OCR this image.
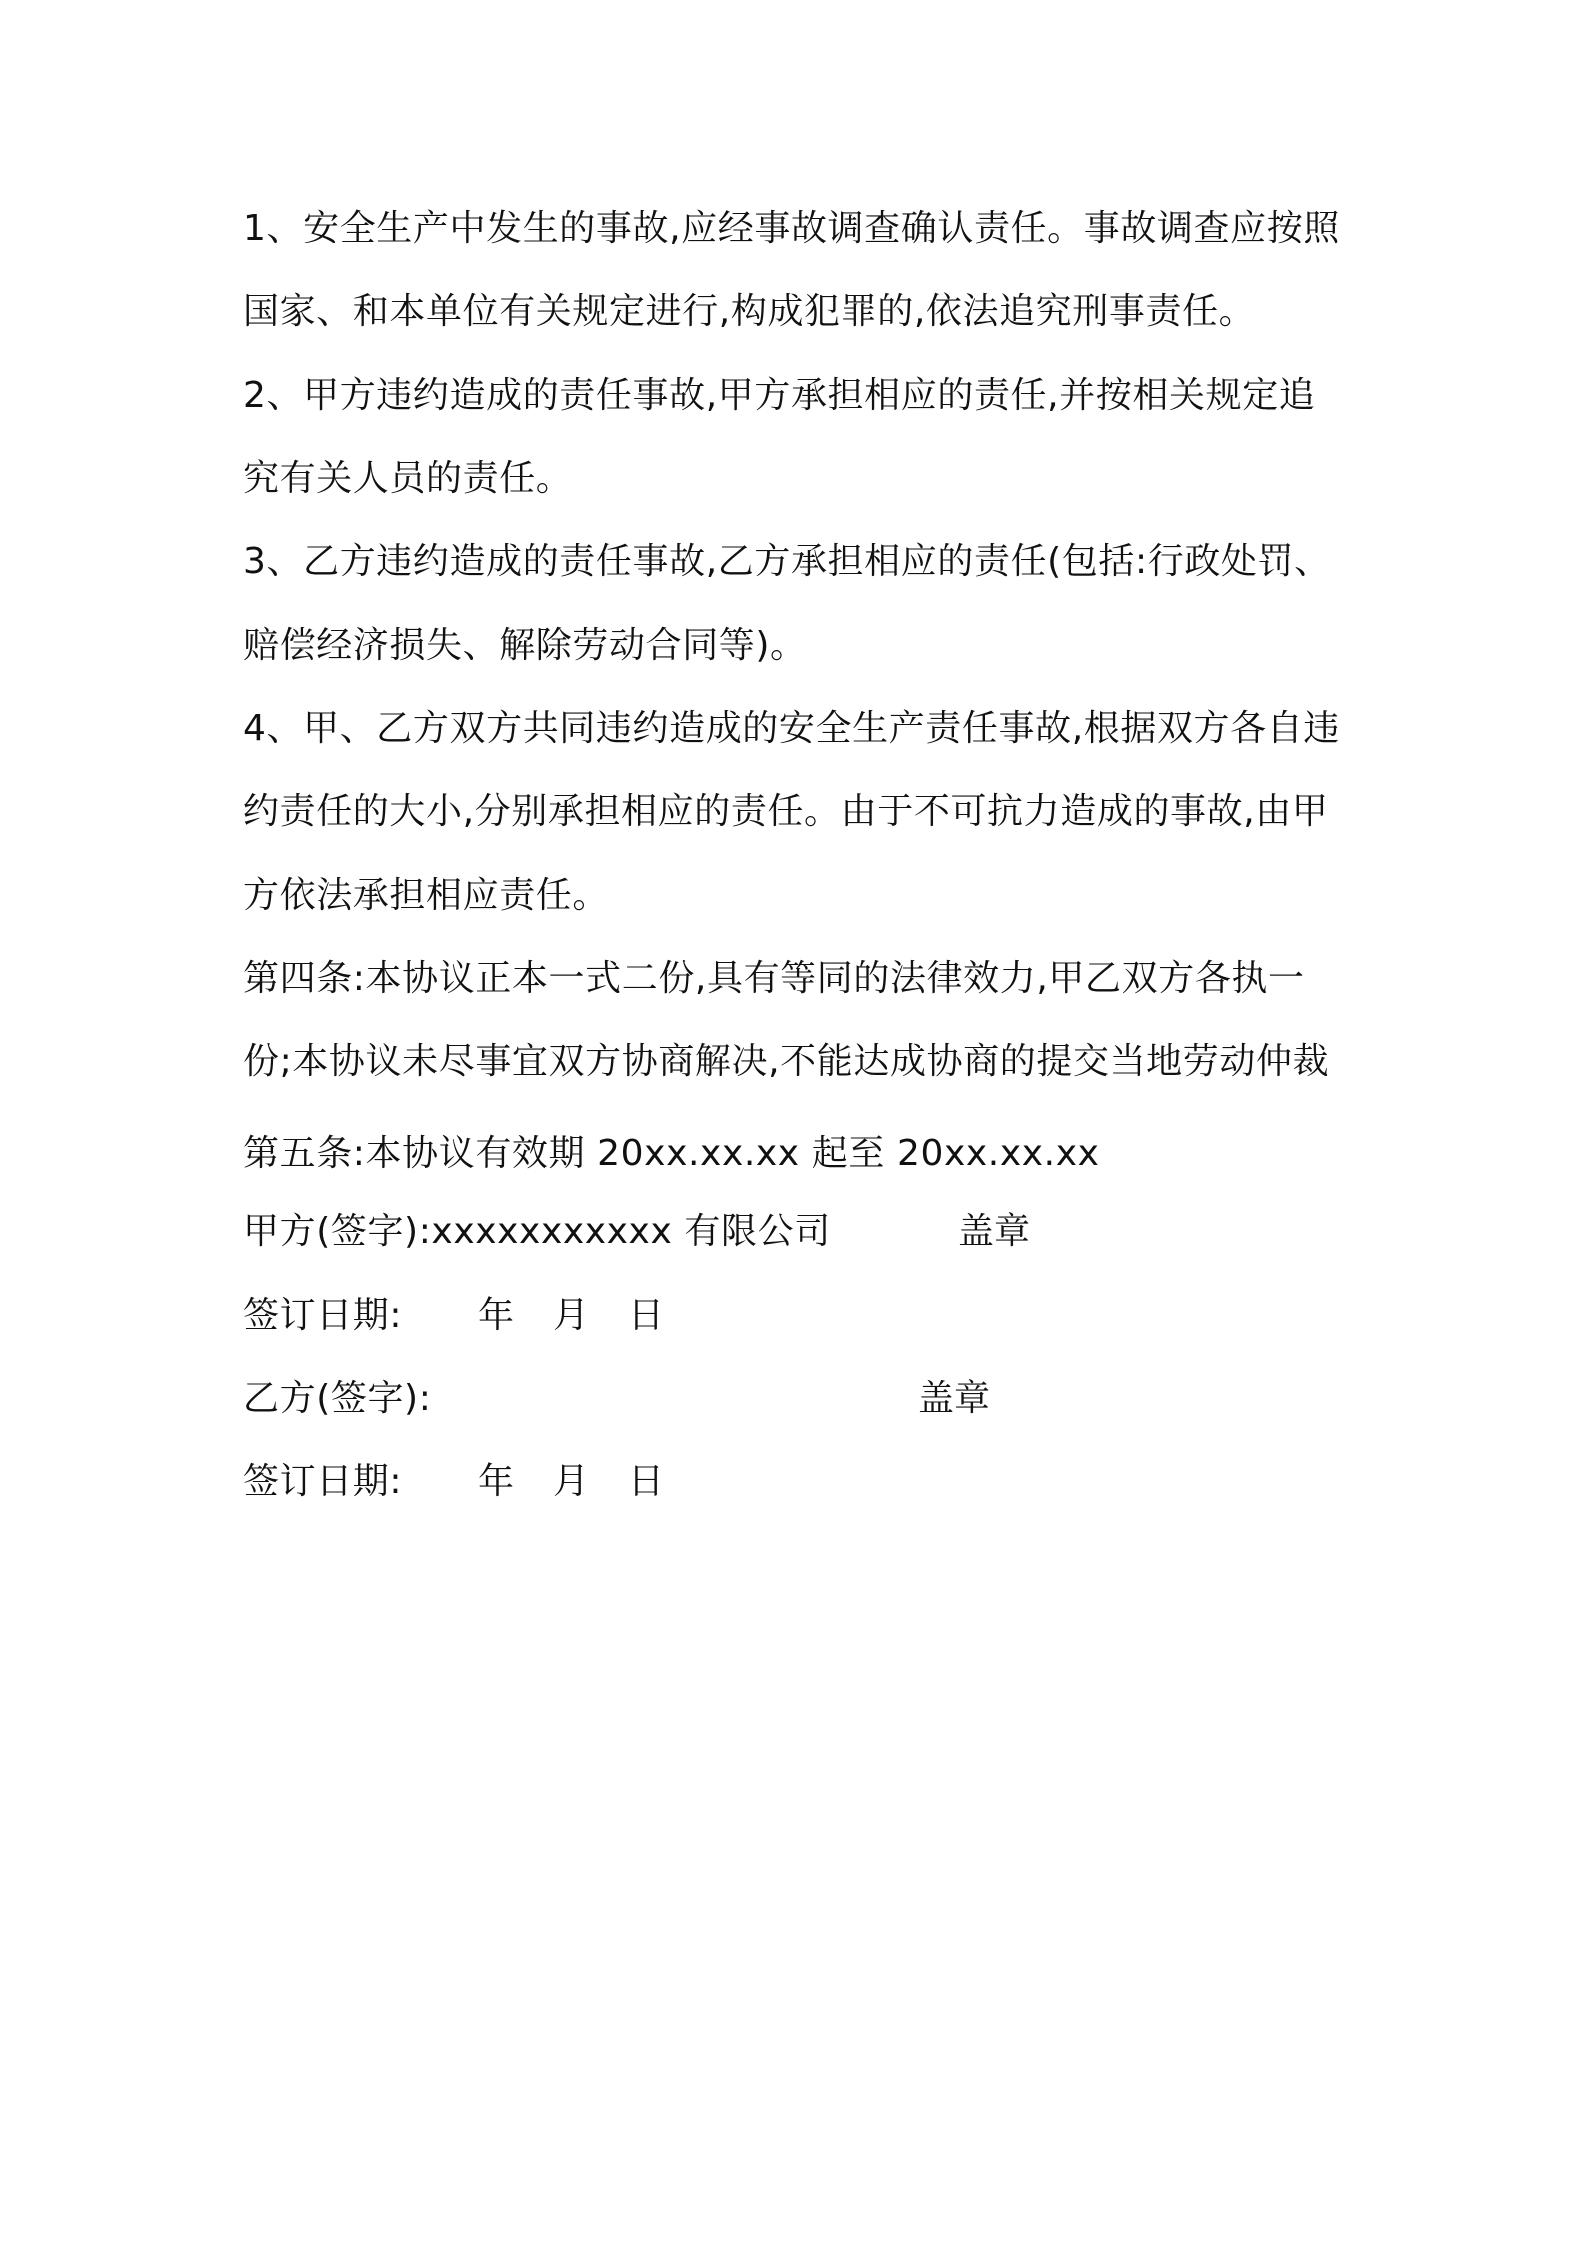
1、安全生产中发生的事故,应经事故调查确认责任。事故调查应按照
国家、和本单位有关规定进行,构成犯罪的,依法追究刑事责任。
2、甲方违约造成的责任事故,甲方承担相应的责任,并按相关规定追
究有关人员的责任。
3、乙方违约造成的责任事故,乙方承担相应的责任(包括:行政处罚、
赔偿经济损失、解除劳动合同等)。
4、甲、乙方双方共同违约造成的安全生产责任事故,根据双方各自违
约责任的大小,分别承担相应的责任。由于不可抗力造成的事故,由甲
方依法承担相应责任。
第四条:本协议正本一式二份,具有等同的法律效力,甲乙双方各执一
份;本协议未尽事宜双方协商解决,不能达成协商的提交当地劳动仲裁
第五条:本协议有效期 20xx.xx.xx 起至 20xx.xx.xx
甲方(签字):xxxxxxxxxxx 有限公司	盖章
签订日期: 年 月 日
乙方(签字):	盖章
签订日期: 年 月 日
